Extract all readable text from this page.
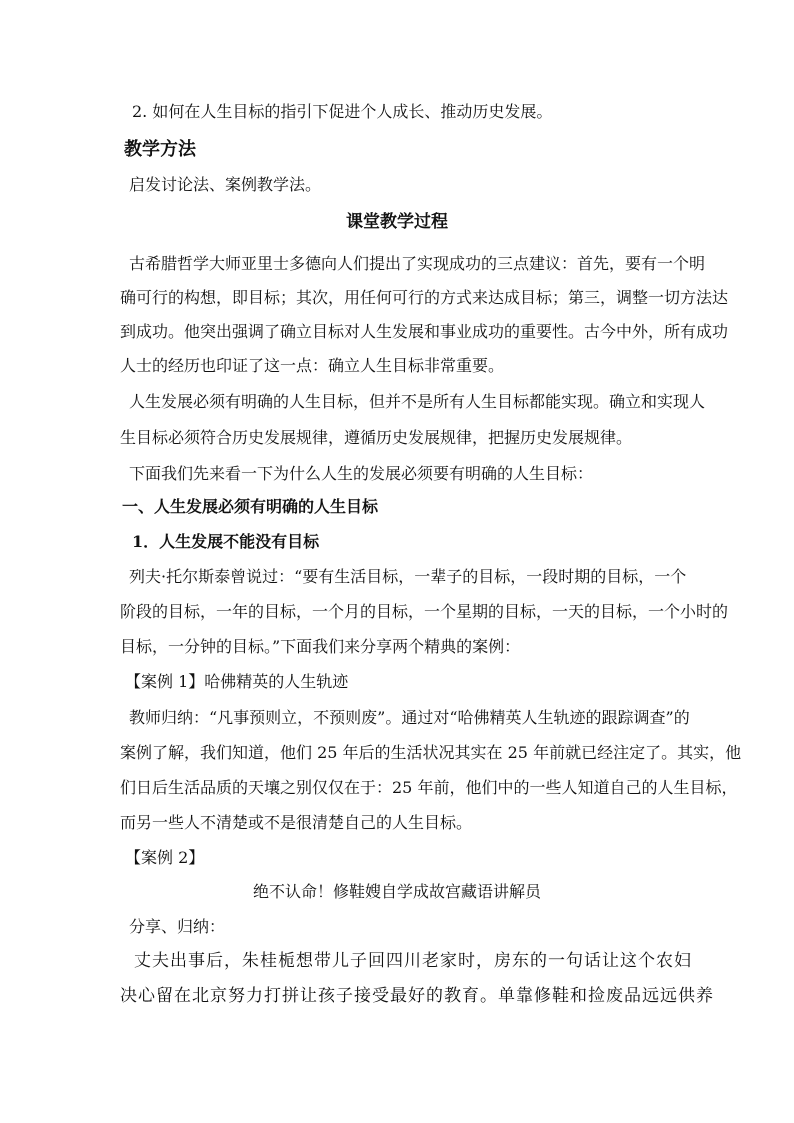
2. 如何在人生目标的指引下促进个人成长、推动历史发展。
教学方法
启发讨论法、案例教学法。
课堂教学过程
古希腊哲学大师亚里士多德向人们提出了实现成功的三点建议：首先，要有一个明
确可行的构想，即目标；其次，用任何可行的方式来达成目标；第三，调整一切方法达
到成功。他突出强调了确立目标对人生发展和事业成功的重要性。古今中外，所有成功
人士的经历也印证了这一点：确立人生目标非常重要。
人生发展必须有明确的人生目标，但并不是所有人生目标都能实现。确立和实现人
生目标必须符合历史发展规律，遵循历史发展规律，把握历史发展规律。
下面我们先来看一下为什么人生的发展必须要有明确的人生目标：
一、人生发展必须有明确的人生目标
1．人生发展不能没有目标
列夫·托尔斯泰曾说过：“要有生活目标，一辈子的目标，一段时期的目标，一个
阶段的目标，一年的目标，一个月的目标，一个星期的目标，一天的目标，一个小时的
目标，一分钟的目标。”下面我们来分享两个精典的案例：
【案例 1】哈佛精英的人生轨迹
教师归纳：“凡事预则立，不预则废”。通过对“哈佛精英人生轨迹的跟踪调查”的
案例了解，我们知道，他们 25 年后的生活状况其实在 25 年前就已经注定了。其实，他
们日后生活品质的天壤之别仅仅在于：25 年前，他们中的一些人知道自己的人生目标，
而另一些人不清楚或不是很清楚自己的人生目标。
【案例 2】
绝不认命！修鞋嫂自学成故宫藏语讲解员
分享、归纳：
丈夫出事后，朱桂栀想带儿子回四川老家时，房东的一句话让这个农妇
决心留在北京努力打拼让孩子接受最好的教育。单靠修鞋和捡废品远远供养
